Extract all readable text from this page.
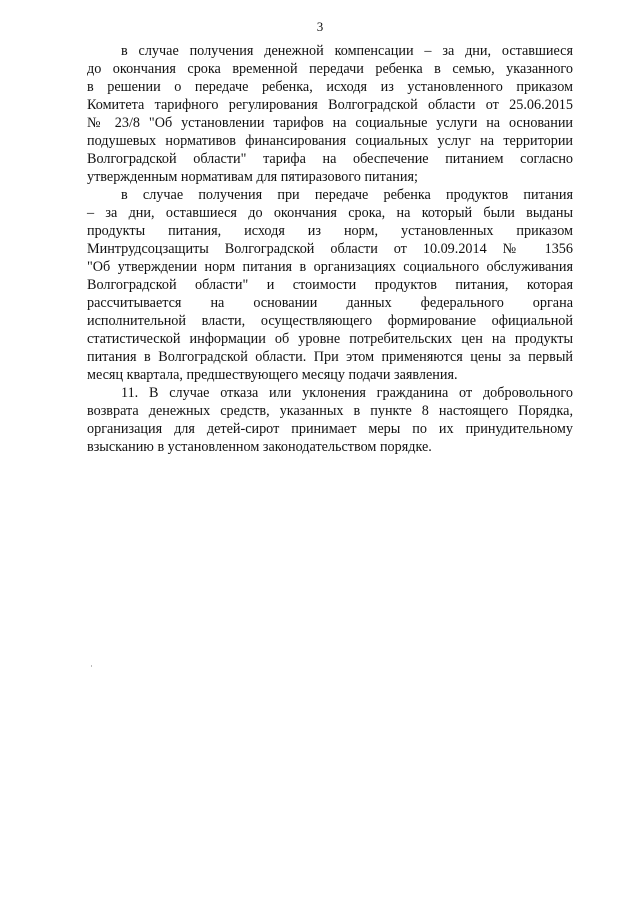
3
в случае получения денежной компенсации – за дни, оставшиеся
до окончания срока временной передачи ребенка в семью, указанного
в решении о передаче ребенка, исходя из установленного приказом
Комитета тарифного регулирования Волгоградской области от 25.06.2015
№ 23/8 "Об установлении тарифов на социальные услуги на основании
подушевых нормативов финансирования социальных услуг на территории
Волгоградской области" тарифа на обеспечение питанием согласно
утвержденным нормативам для пятиразового питания;
в случае получения при передаче ребенка продуктов питания
– за дни, оставшиеся до окончания срока, на который были выданы
продукты питания, исходя из норм, установленных приказом
Минтрудсоцзащиты Волгоградской области от 10.09.2014 № 1356
"Об утверждении норм питания в организациях социального обслуживания
Волгоградской области" и стоимости продуктов питания, которая
рассчитывается на основании данных федерального органа
исполнительной власти, осуществляющего формирование официальной
статистической информации об уровне потребительских цен на продукты
питания в Волгоградской области. При этом применяются цены за первый
месяц квартала, предшествующего месяцу подачи заявления.
11. В случае отказа или уклонения гражданина от добровольного
возврата денежных средств, указанных в пункте 8 настоящего Порядка,
организация для детей-сирот принимает меры по их принудительному
взысканию в установленном законодательством порядке.
